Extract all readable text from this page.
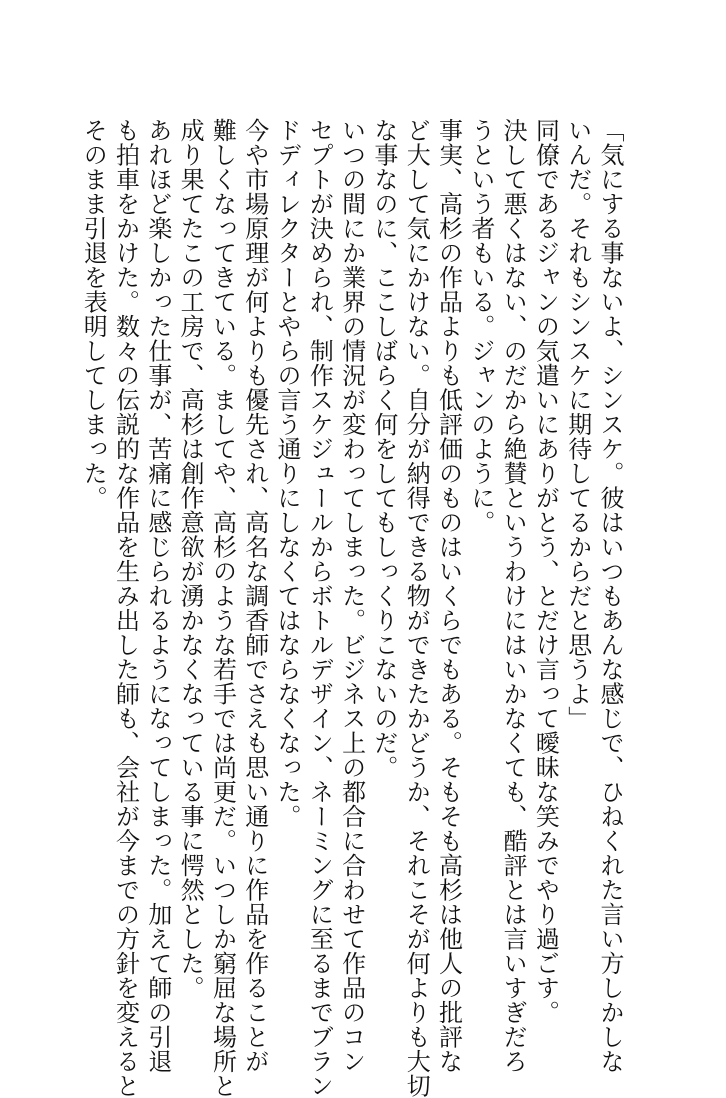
「気にする事ないよ、シンスケ。彼はいつもあんな感じで、ひねくれた言い方しかしな
いんだ。それもシンスケに期待してるからだと思うよ」
同僚であるジャンの気遣いにありがとう、とだけ言って曖昧な笑みでやり過ごす。
決して悪くはない、のだから絶賛というわけにはいかなくても、酷評とは言いすぎだろ
うという者もいる。ジャンのように。
事実、高杉の作品よりも低評価のものはいくらでもある。そもそも高杉は他人の批評な
ど大して気にかけない。自分が納得できる物ができたかどうか、それこそが何よりも大切
な事なのに、ここしばらく何をしてもしっくりこないのだ。
いつの間にか業界の情況が変わってしまった。ビジネス上の都合に合わせて作品のコン
セプトが決められ、制作スケジュールからボトルデザイン、ネーミングに至るまでブラン
ドディレクターとやらの言う通りにしなくてはならなくなった。
今や市場原理が何よりも優先され、高名な調香師でさえも思い通りに作品を作ることが
難しくなってきている。ましてや、高杉のような若手では尚更だ。いつしか窮屈な場所と
成り果てたこの工房で、高杉は創作意欲が湧かなくなっている事に愕然とした。
あれほど楽しかった仕事が、苦痛に感じられるようになってしまった。加えて師の引退
も拍車をかけた。数々の伝説的な作品を生み出した師も、会社が今までの方針を変えると
そのまま引退を表明してしまった。
